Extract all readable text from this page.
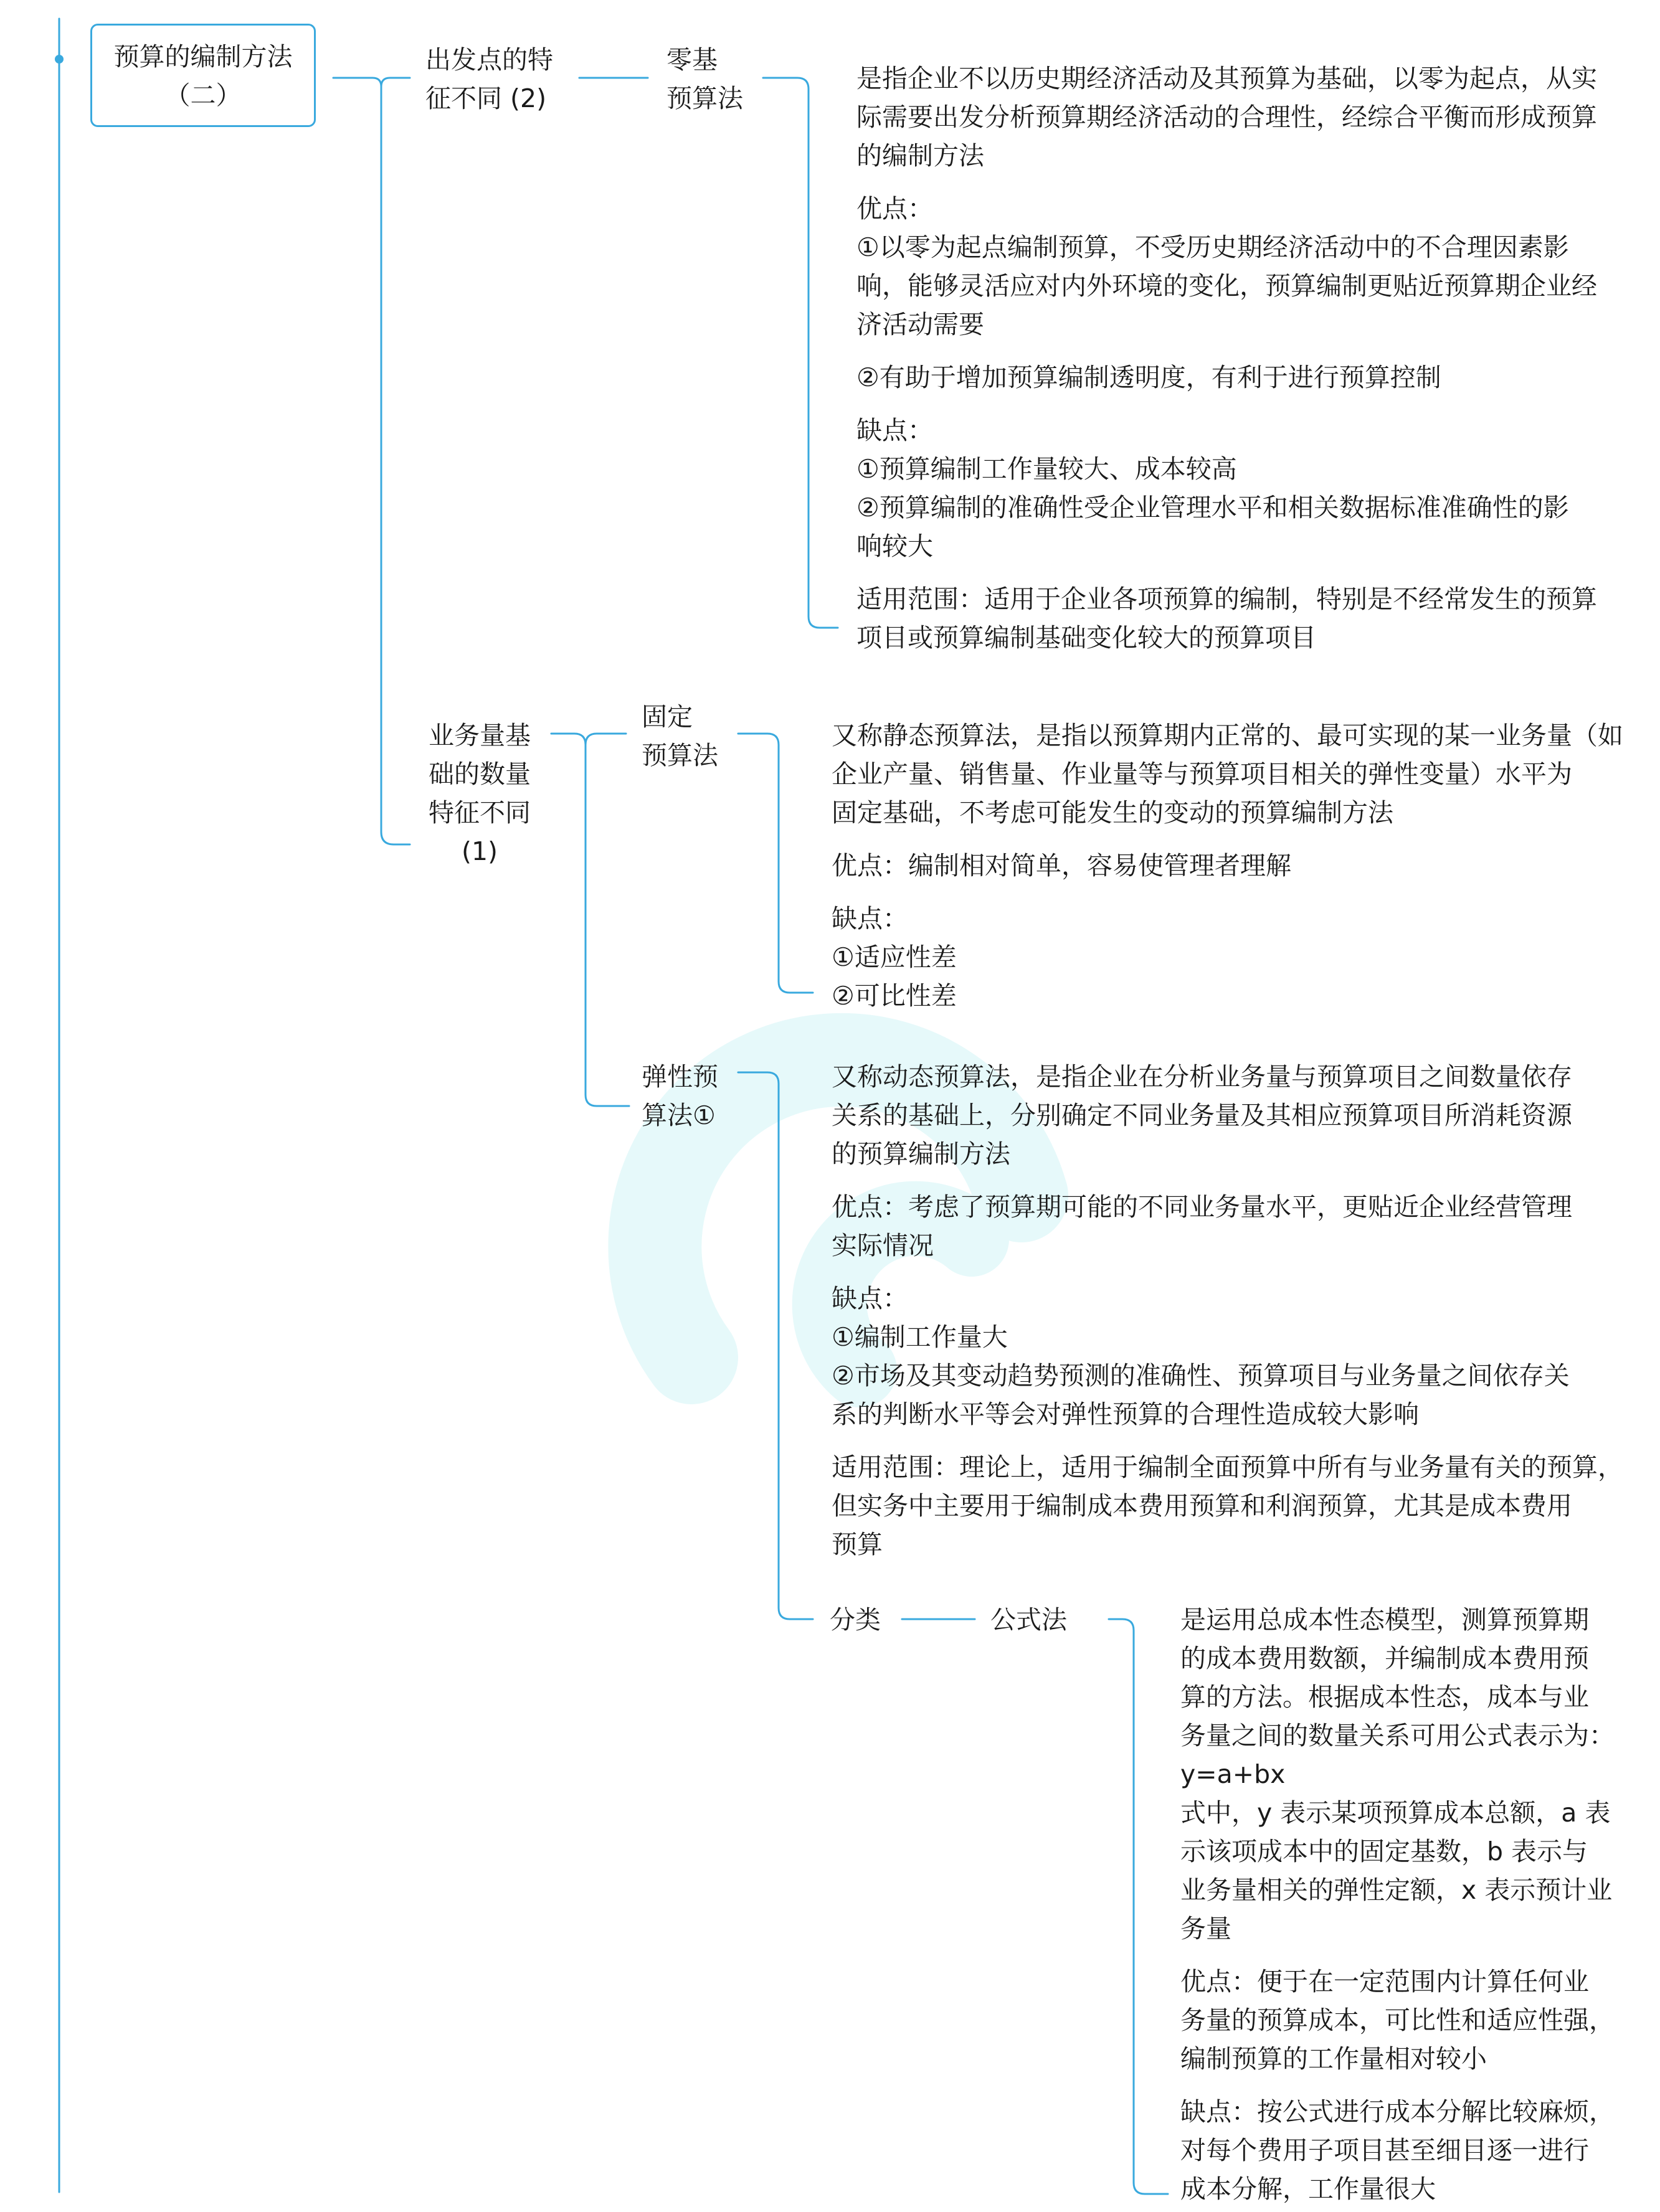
预算的编制方法
（二）
出发点的特
征不同 (2)
业务量基
础的数量
特征不同
(1)
零基
预算法
固定
预算法
弹性预
算法①
分类	公式法
是指企业不以历史期经济活动及其预算为基础，以零为起点，从实
际需要出发分析预算期经济活动的合理性，经综合平衡而形成预算
的编制方法
优点：
①以零为起点编制预算，不受历史期经济活动中的不合理因素影
响，能够灵活应对内外环境的变化，预算编制更贴近预算期企业经
济活动需要
②有助于增加预算编制透明度，有利于进行预算控制
缺点：
①预算编制工作量较大、成本较高
②预算编制的准确性受企业管理水平和相关数据标准准确性的影
响较大
适用范围：适用于企业各项预算的编制，特别是不经常发生的预算
项目或预算编制基础变化较大的预算项目
又称静态预算法，是指以预算期内正常的、最可实现的某一业务量（如
企业产量、销售量、作业量等与预算项目相关的弹性变量）水平为
固定基础，不考虑可能发生的变动的预算编制方法
优点：编制相对简单，容易使管理者理解
缺点：
①适应性差
②可比性差
又称动态预算法，是指企业在分析业务量与预算项目之间数量依存
关系的基础上，分别确定不同业务量及其相应预算项目所消耗资源
的预算编制方法
优点：考虑了预算期可能的不同业务量水平，更贴近企业经营管理
实际情况
缺点：
①编制工作量大
②市场及其变动趋势预测的准确性、预算项目与业务量之间依存关
系的判断水平等会对弹性预算的合理性造成较大影响
适用范围：理论上，适用于编制全面预算中所有与业务量有关的预算，
但实务中主要用于编制成本费用预算和利润预算，尤其是成本费用
预算
是运用总成本性态模型，测算预算期
的成本费用数额，并编制成本费用预
算的方法。根据成本性态，成本与业
务量之间的数量关系可用公式表示为：
y=a+bx
式中，y 表示某项预算成本总额，a 表
示该项成本中的固定基数，b 表示与
业务量相关的弹性定额，x 表示预计业
务量
优点：便于在一定范围内计算任何业
务量的预算成本，可比性和适应性强，
编制预算的工作量相对较小
缺点：按公式进行成本分解比较麻烦，
对每个费用子项目甚至细目逐一进行
成本分解，工作量很大
